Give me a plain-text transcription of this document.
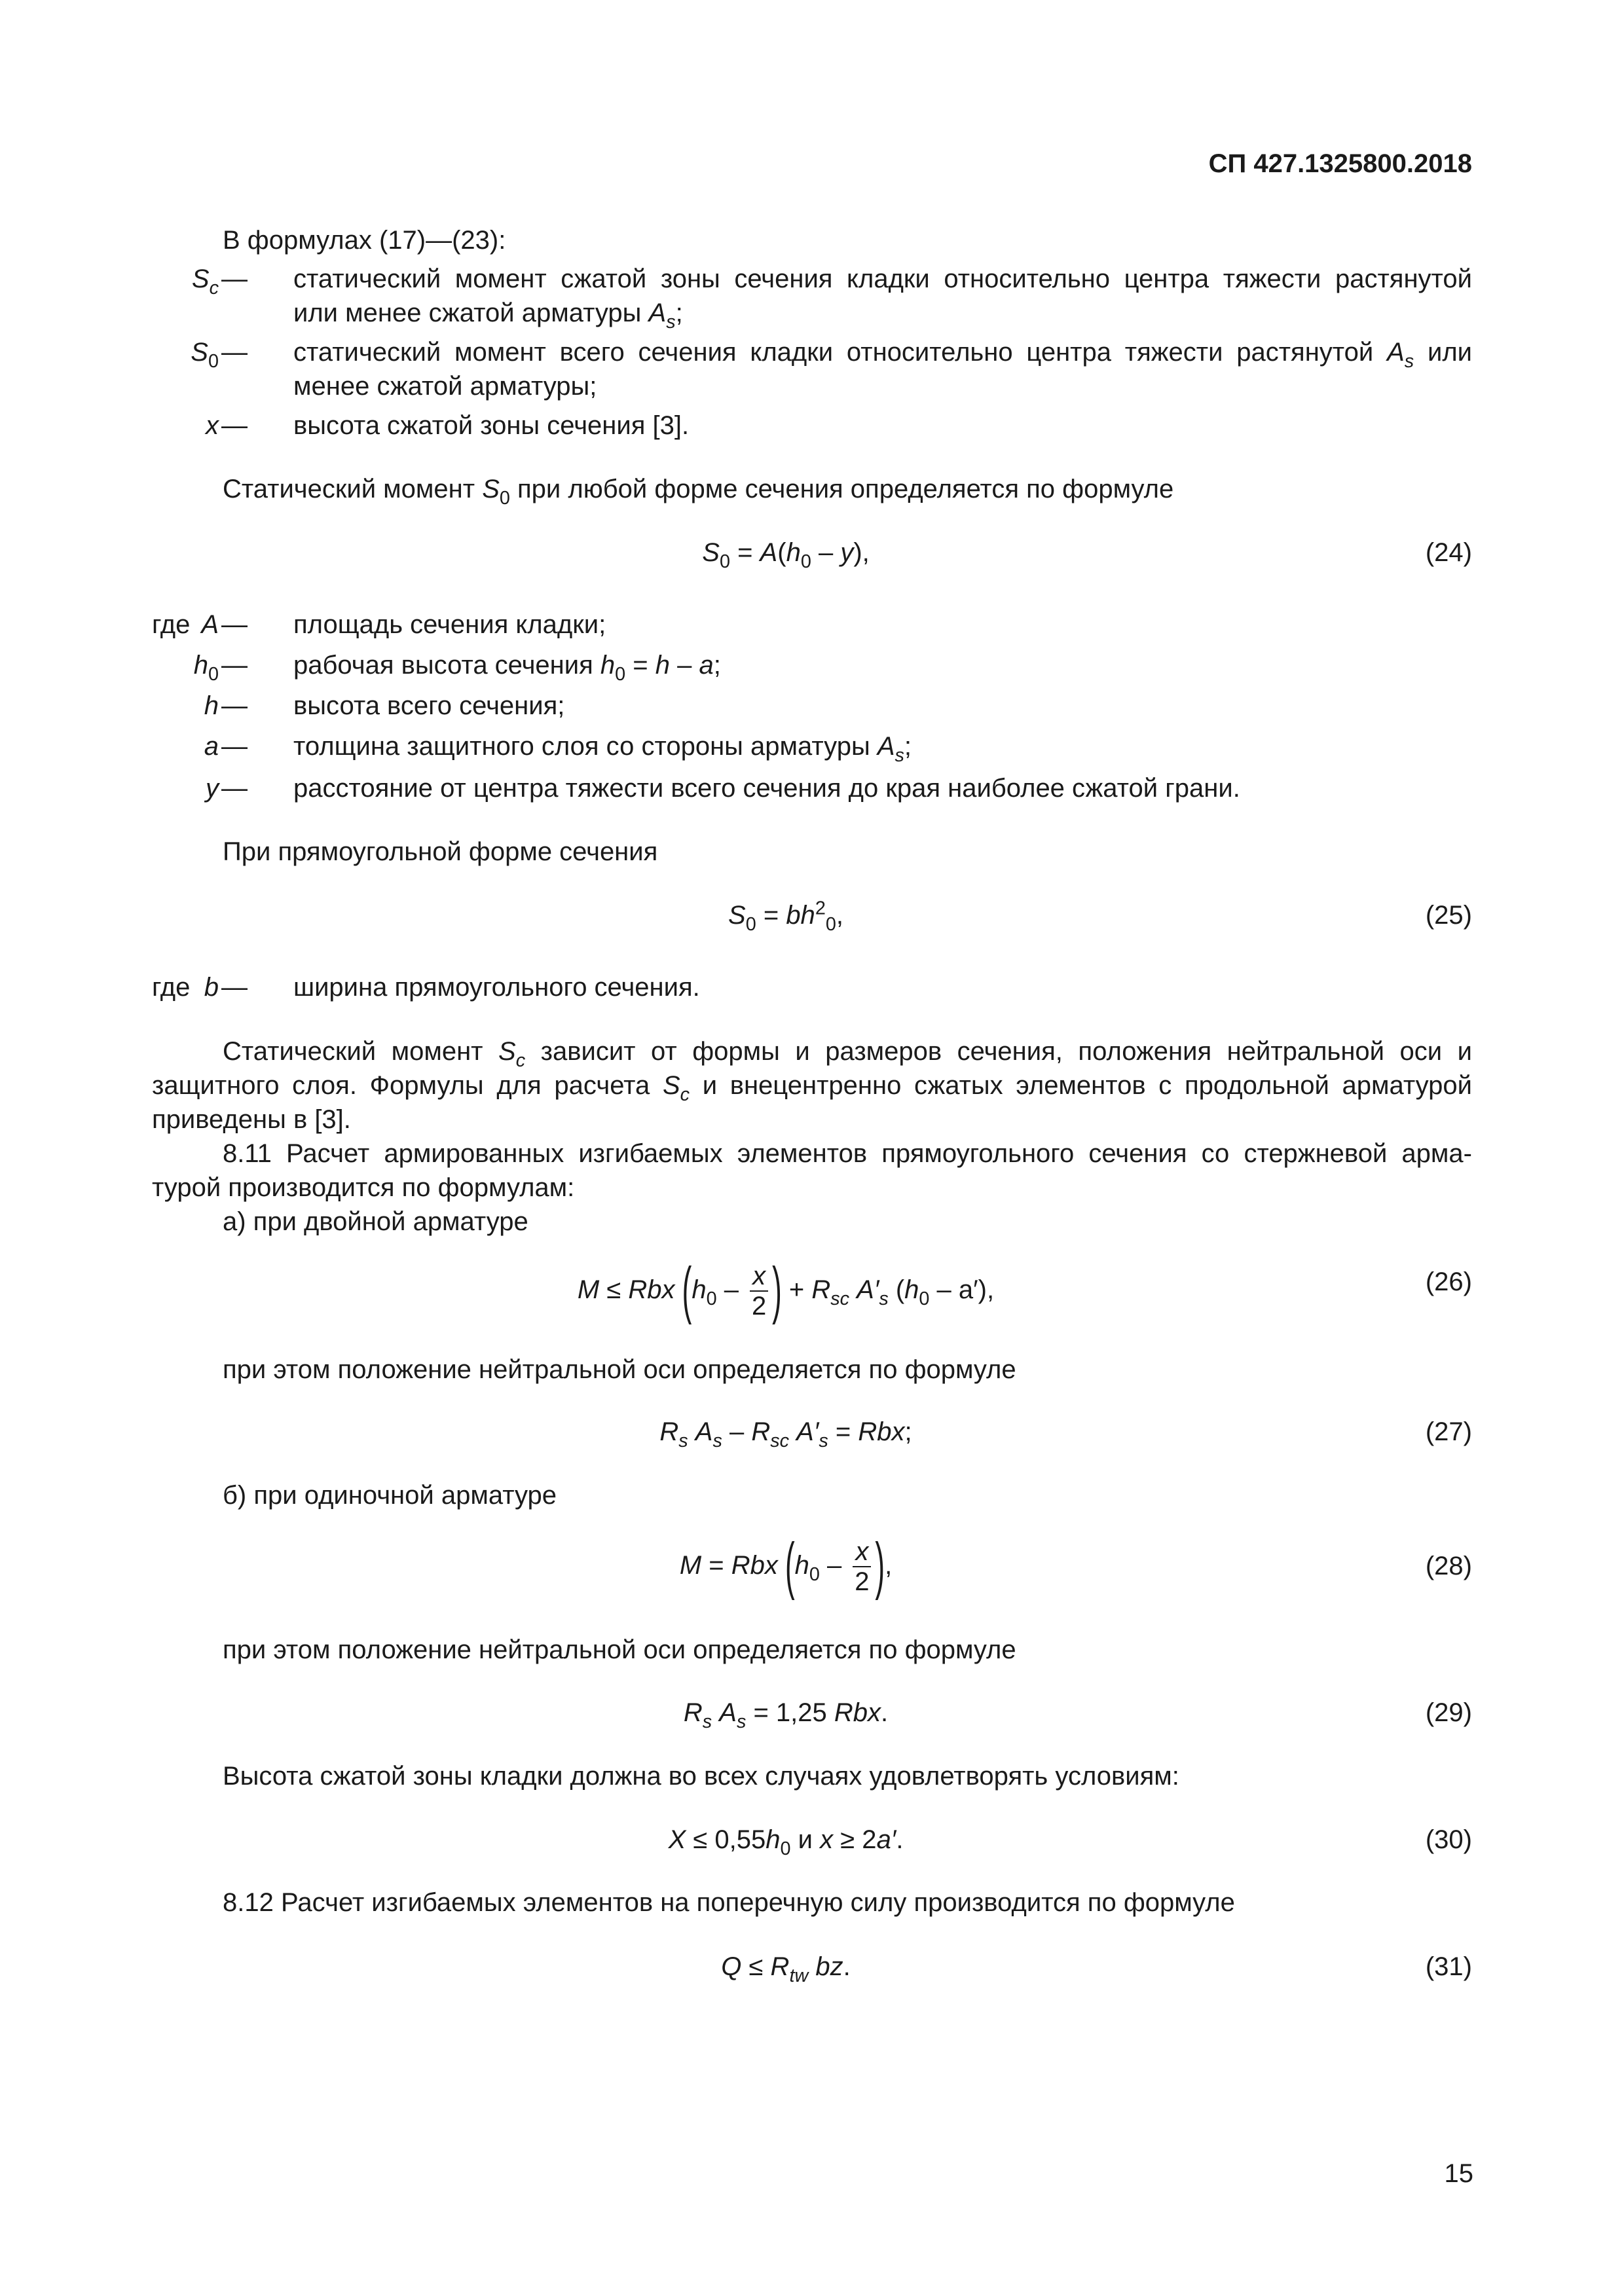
СП 427.1325800.2018
В формулах (17)—(23):
$S_c$ — статический момент сжатой зоны сечения кладки относительно центра тяжести растянутой
или менее сжатой арматуры $A_s$;
$S_0$ — статический момент всего сечения кладки относительно центра тяжести растянутой $A_s$ или
менее сжатой арматуры;
x — высота сжатой зоны сечения [3].
Статический момент $S_0$ при любой форме сечения определяется по формуле
$S_0 = A(h_0 - y)$,	(24)
где A — площадь сечения кладки;
$h_0$ — рабочая высота сечения $h_0 = h - a$;
h — высота всего сечения;
a — толщина защитного слоя со стороны арматуры $A_s$;
y — расстояние от центра тяжести всего сечения до края наиболее сжатой грани.
При прямоугольной форме сечения
$S_0 = bh^2_0$,	(25)
где b — ширина прямоугольного сечения.
Статический момент $S_c$ зависит от формы и размеров сечения, положения нейтральной оси и
защитного слоя. Формулы для расчета $S_c$ и внецентренно сжатых элементов с продольной арматурой
приведены в [3].
8.11 Расчет армированных изгибаемых элементов прямоугольного сечения со стержневой арма-
турой производится по формулам:
а) при двойной арматуре
M ≤ Rbx ($h_0 - \frac{x}{2}$ ) + $R_{sc}$ $A'_s$ $(h_0 - a')$,	(26)
при этом положение нейтральной оси определяется по формуле
$R_s$ $A_s - R_{sc}$ $A'_s$ = Rbx;	(27)
б) при одиночной арматуре
M = Rbx ($h_0 - \frac{x}{2}$ ),	(28)
при этом положение нейтральной оси определяется по формуле
$R_s$ $A_s = 1,25$ Rbx.	(29)
Высота сжатой зоны кладки должна во всех случаях удовлетворять условиям:
$X \le 0,55h_0$ и x ≥ 2a′.	(30)
8.12 Расчет изгибаемых элементов на поперечную силу производится по формуле
$Q \le R_{tw}$ bz.	(31)
15
